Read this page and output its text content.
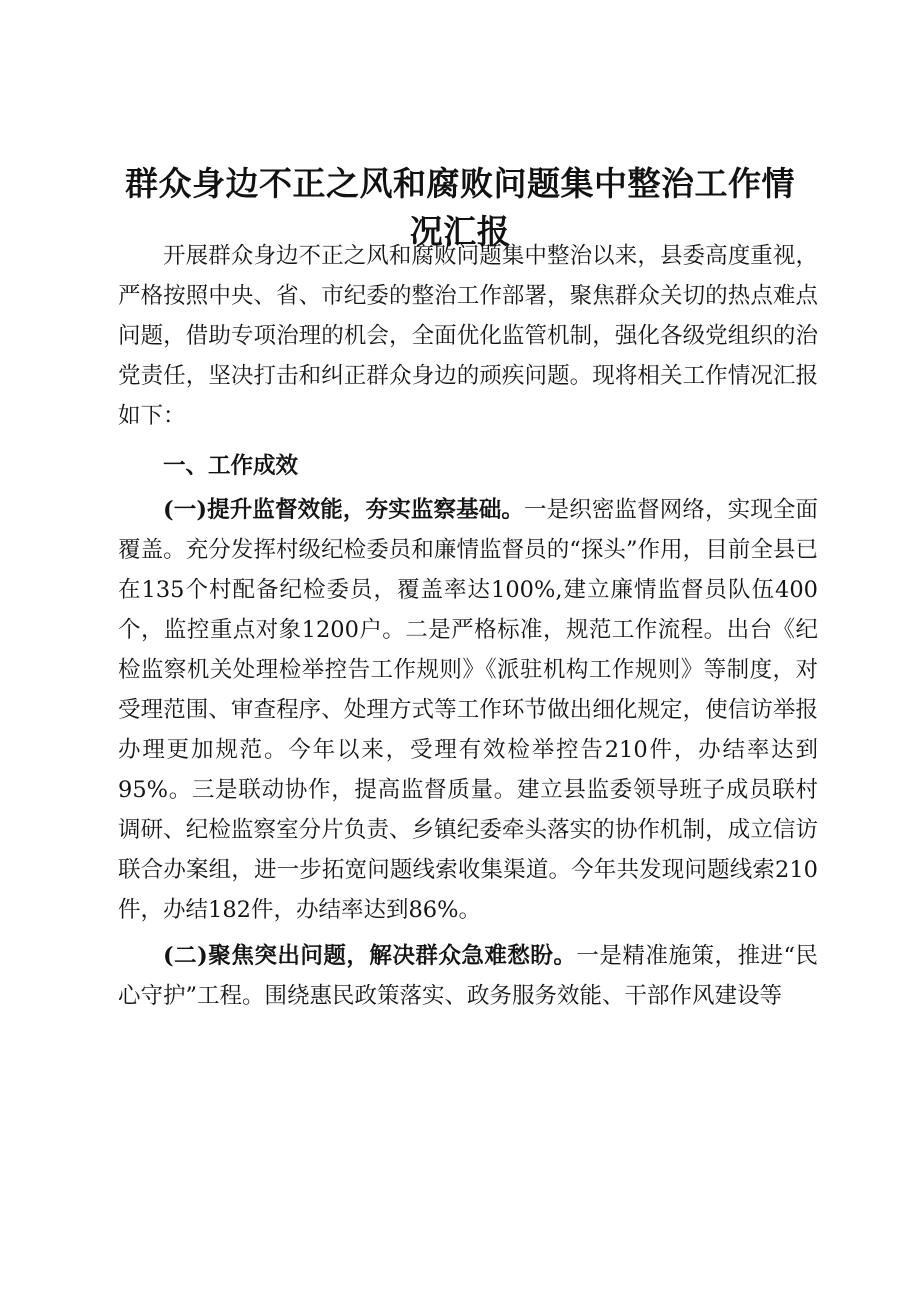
群众身边不正之风和腐败问题集中整治工作情况汇报

开展群众身边不正之风和腐败问题集中整治以来，县委高度重视，严格按照中央、省、市纪委的整治工作部署，聚焦群众关切的热点难点问题，借助专项治理的机会，全面优化监管机制，强化各级党组织的治党责任，坚决打击和纠正群众身边的顽疾问题。现将相关工作情况汇报如下：

一、工作成效

(一)提升监督效能，夯实监察基础。一是织密监督网络，实现全面覆盖。充分发挥村级纪检委员和廉情监督员的“探头”作用，目前全县已在135个村配备纪检委员，覆盖率达100%,建立廉情监督员队伍400个，监控重点对象1200户。二是严格标准，规范工作流程。出台《纪检监察机关处理检举控告工作规则》《派驻机构工作规则》等制度，对受理范围、审查程序、处理方式等工作环节做出细化规定，使信访举报办理更加规范。今年以来，受理有效检举控告210件，办结率达到95%。三是联动协作，提高监督质量。建立县监委领导班子成员联村调研、纪检监察室分片负责、乡镇纪委牵头落实的协作机制，成立信访联合办案组，进一步拓宽问题线索收集渠道。今年共发现问题线索210件，办结182件，办结率达到86%。

(二)聚焦突出问题，解决群众急难愁盼。一是精准施策，推进“民心守护”工程。围绕惠民政策落实、政务服务效能、干部作风建设等
